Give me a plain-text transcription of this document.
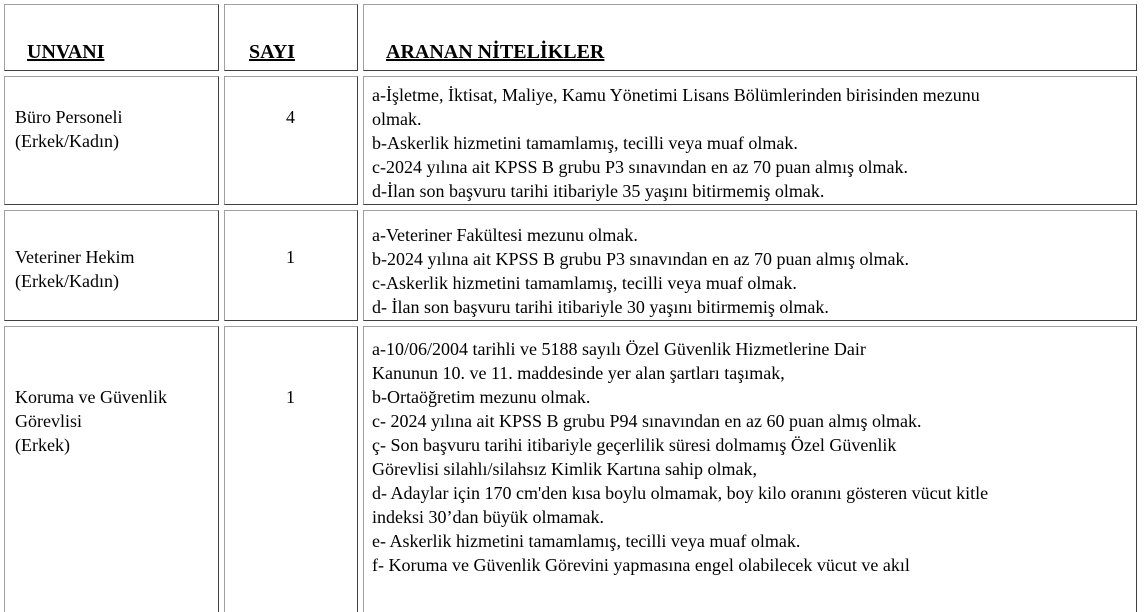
UNVANI	SAYI	ARANAN NİTELİKLER
Büro Personeli
(Erkek/Kadın)
4
a-İşletme, İktisat, Maliye, Kamu Yönetimi Lisans Bölümlerinden birisinden mezunu
olmak.
b-Askerlik hizmetini tamamlamış, tecilli veya muaf olmak.
c-2024 yılına ait KPSS B grubu P3 sınavından en az 70 puan almış olmak.
d-İlan son başvuru tarihi itibariyle 35 yaşını bitirmemiş olmak.
Veteriner Hekim
(Erkek/Kadın)
1
a-Veteriner Fakültesi mezunu olmak.
b-2024 yılına ait KPSS B grubu P3 sınavından en az 70 puan almış olmak.
c-Askerlik hizmetini tamamlamış, tecilli veya muaf olmak.
d- İlan son başvuru tarihi itibariyle 30 yaşını bitirmemiş olmak.
Koruma ve Güvenlik
Görevlisi
(Erkek)
1
a-10/06/2004 tarihli ve 5188 sayılı Özel Güvenlik Hizmetlerine Dair
Kanunun 10. ve 11. maddesinde yer alan şartları taşımak,
b-Ortaöğretim mezunu olmak.
c- 2024 yılına ait KPSS B grubu P94 sınavından en az 60 puan almış olmak.
ç- Son başvuru tarihi itibariyle geçerlilik süresi dolmamış Özel Güvenlik
Görevlisi silahlı/silahsız Kimlik Kartına sahip olmak,
d- Adaylar için 170 cm'den kısa boylu olmamak, boy kilo oranını gösteren vücut kitle
indeksi 30’dan büyük olmamak.
e- Askerlik hizmetini tamamlamış, tecilli veya muaf olmak.
f- Koruma ve Güvenlik Görevini yapmasına engel olabilecek vücut ve akıl
